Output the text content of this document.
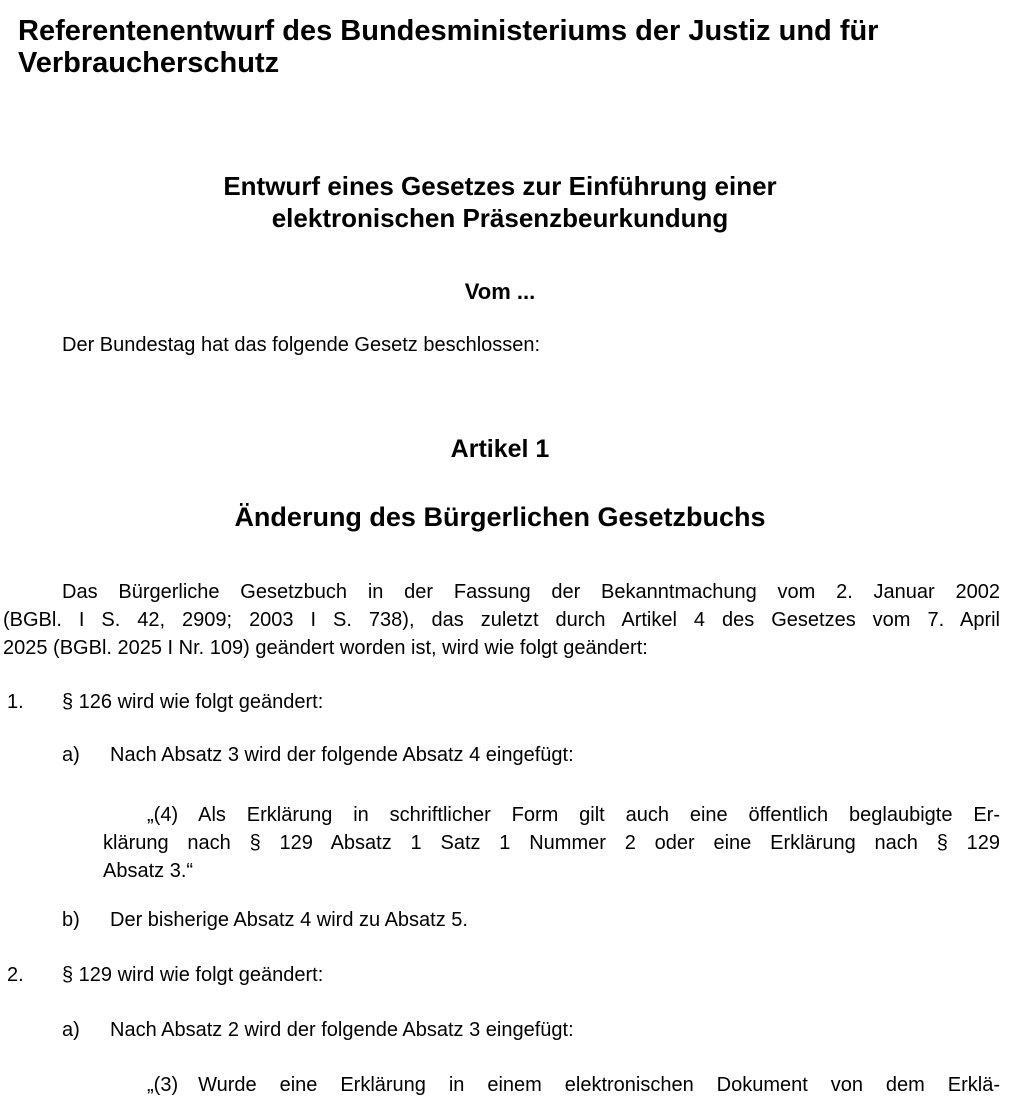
Referentenentwurf des Bundesministeriums der Justiz und für
Verbraucherschutz
Entwurf eines Gesetzes zur Einführung einer
elektronischen Präsenzbeurkundung
Vom ...
Der Bundestag hat das folgende Gesetz beschlossen:
Artikel 1
Änderung des Bürgerlichen Gesetzbuchs
Das Bürgerliche Gesetzbuch in der Fassung der Bekanntmachung vom 2. Januar 2002
(BGBl. I S. 42, 2909; 2003 I S. 738), das zuletzt durch Artikel 4 des Gesetzes vom 7. April
2025 (BGBl. 2025 I Nr. 109) geändert worden ist, wird wie folgt geändert:
1. § 126 wird wie folgt geändert:
a) Nach Absatz 3 wird der folgende Absatz 4 eingefügt:
„(4) Als Erklärung in schriftlicher Form gilt auch eine öffentlich beglaubigte Er-
klärung nach § 129 Absatz 1 Satz 1 Nummer 2 oder eine Erklärung nach § 129
Absatz 3.“
b) Der bisherige Absatz 4 wird zu Absatz 5.
2. § 129 wird wie folgt geändert:
a) Nach Absatz 2 wird der folgende Absatz 3 eingefügt:
„(3) Wurde eine Erklärung in einem elektronischen Dokument von dem Erklä-
